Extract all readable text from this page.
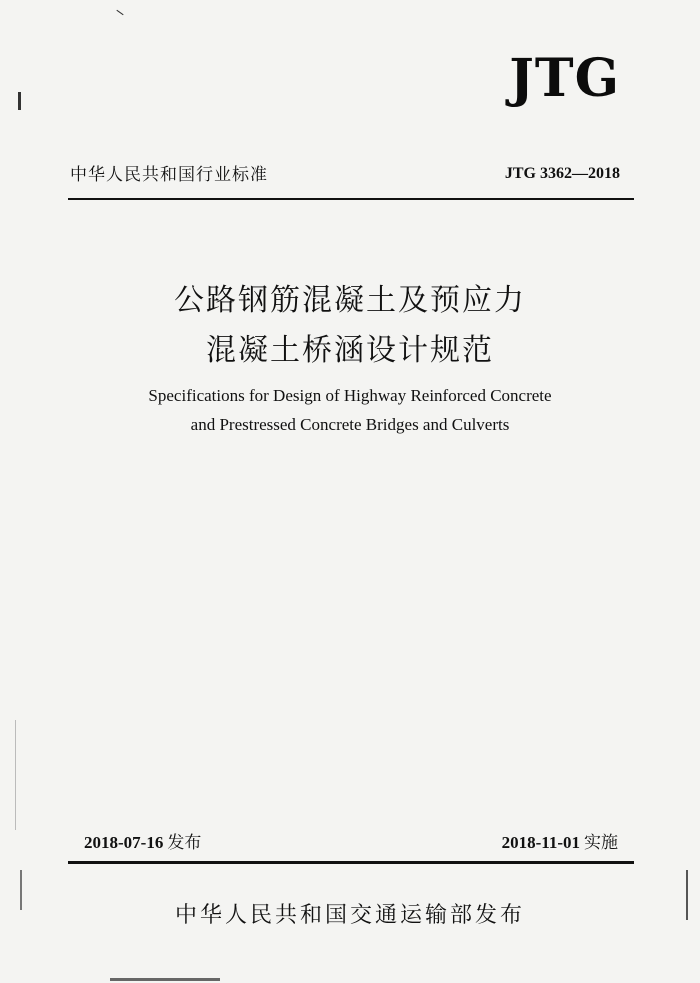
JTG
中华人民共和国行业标准	JTG 3362—2018
公路钢筋混凝土及预应力
混凝土桥涵设计规范
Specifications for Design of Highway Reinforced Concrete
and Prestressed Concrete Bridges and Culverts
2018-07-16 发布	2018-11-01 实施
中华人民共和国交通运输部发布
